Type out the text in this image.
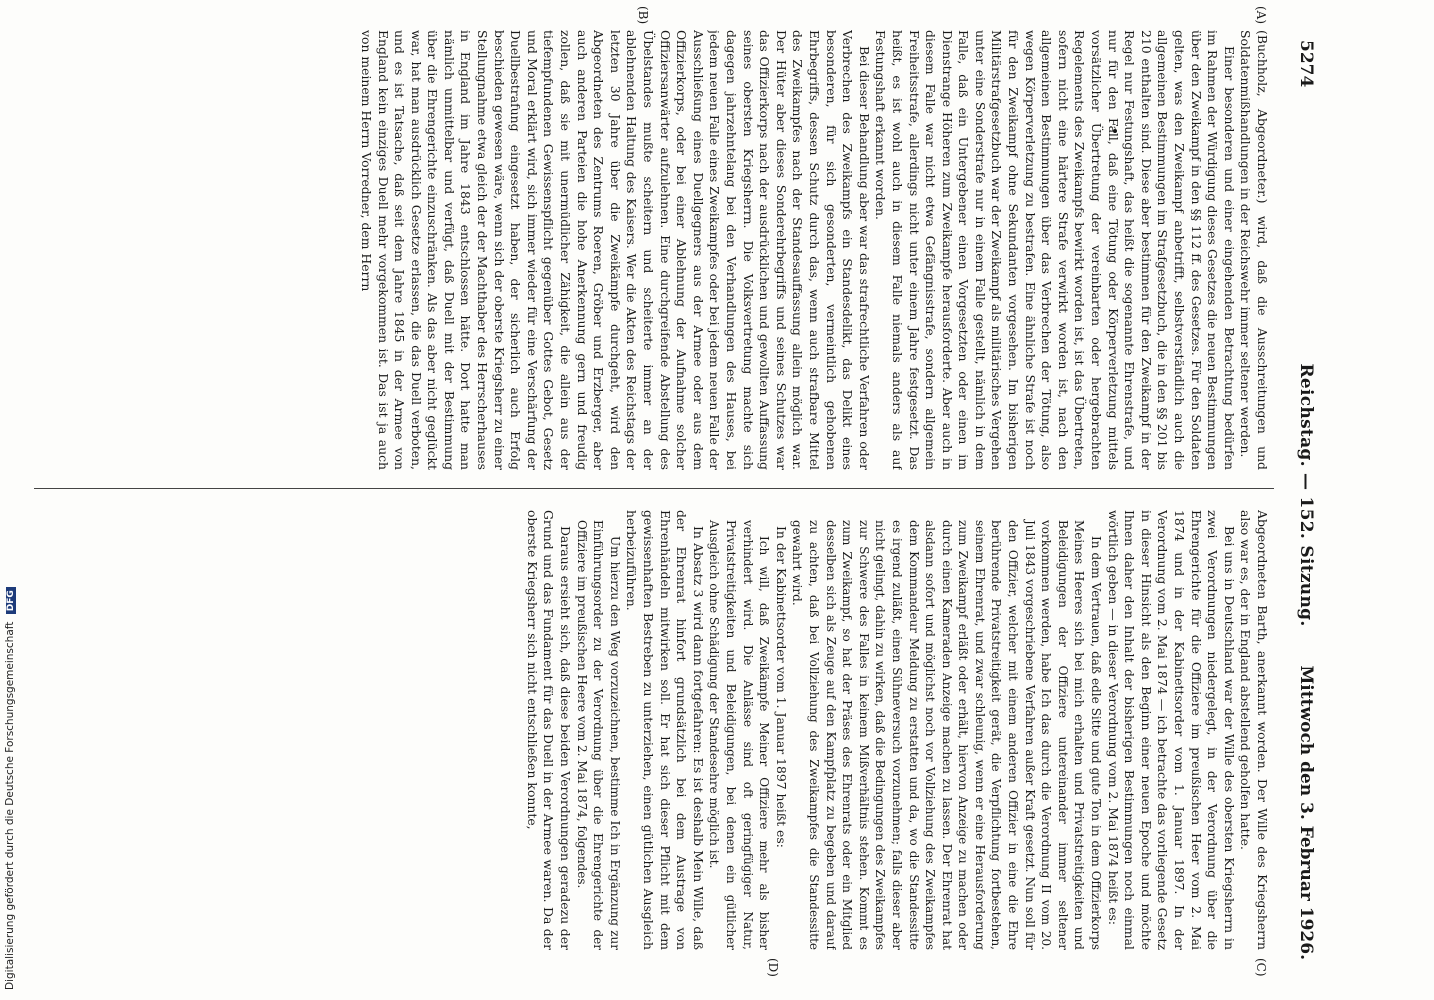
5274
Reichstag. — 152. Sitzung.
Mittwoch den 3. Februar 1926.
(A)
(B)
(C)
(D)

(Buchholz, Abgeordneter.) wird, daß die Ausschreitungen und Soldatenmißhandlungen in der Reichswehr immer seltener werden.

Einer besonderen und einer eingehenden Betrachtung bedürfen im Rahmen der Würdigung dieses Gesetzes die neuen Bestimmungen über den Zweikampf in den §§ 112 ff. des Gesetzes. Für den Soldaten gelten, was den Zweikampf anbetrifft, selbstverständlich auch die allgemeinen Bestimmungen im Strafgesetzbuch, die in den §§ 201 bis 210 enthalten sind. Diese aber bestimmen für den Zweikampf in der Regel nur Festungshaft, das heißt die sogenannte Ehrenstrafe, und nur für den Fall, daß eine Tötung oder Körperverletzung mittels vorsätzlicher Übertretung der vereinbarten oder hergebrachten Regelements des Zweikampfs bewirkt worden ist, ist das Übertreten, sofern nicht eine härtere Strafe verwirkt worden ist, nach den allgemeinen Bestimmungen über das Verbrechen der Tötung, also wegen Körperverletzung zu bestrafen. Eine ähnliche Strafe ist noch für den Zweikampf ohne Sekundanten vorgesehen. Im bisherigen Militärstrafgesetzbuch war der Zweikampf als militärisches Vergehen unter eine Sonderstrafe nur in einem Falle gestellt, nämlich in dem Falle, daß ein Untergebener einen Vorgesetzten oder einen im Dienstrange Höheren zum Zweikampfe herausforderte. Aber auch in diesem Falle war nicht etwa Gefängnisstrafe, sondern allgemein Freiheitsstrafe, allerdings nicht unter einem Jahre festgesetzt. Das heißt, es ist wohl auch in diesem Falle niemals anders als auf Festungshaft erkannt worden.

Bei dieser Behandlung aber war das strafrechtliche Verfahren oder Verbrechen des Zweikampfs ein Standesdelikt, das Delikt eines besonderen, für sich gesonderten, vermeintlich gehobenen Ehrbegriffs, dessen Schutz durch das, wenn auch strafbare Mittel des Zweikampfes nach der Standesauffassung allein möglich war. Der Hüter aber dieses Sonderehrbegriffs und seines Schutzes war das Offizierkorps nach der ausdrücklichen und gewollten Auffassung seines obersten Kriegsherrn. Die Volksvertretung machte sich dagegen jahrzehntelang bei den Verhandlungen des Hauses, bei jedem neuen Falle eines Zweikampfes oder bei jedem neuen Falle der Ausschließung eines Duellgegners aus der Armee oder aus dem Offizierkorps, oder bei einer Ablehnung der Aufnahme solcher Offiziersanwärter aufzulehnen. Eine durchgreifende Abstellung des Übelstandes mußte scheitern und scheiterte immer an der ablehnenden Haltung des Kaisers. Wer die Akten des Reichstags der letzten 30 Jahre über die Zweikämpfe durchgeht, wird den Abgeordneten des Zentrums Roeren, Gröber und Erzberger, aber auch anderen Parteien die hohe Anerkennung gern und freudig zollen, daß sie mit unermüdlicher Zähigkeit, die allein aus der tiefempfundenen Gewissenspflicht gegenüber Gottes Gebot, Gesetz und Moral erklärt wird, sich immer wieder für eine Verschärfung der Duellbestrafung eingesetzt haben, der sicherlich auch Erfolg beschieden gewesen wäre, wenn sich der oberste Kriegsherr zu einer Stellungnahme etwa gleich der der Machthaber des Herrscherhauses in England im Jahre 1843 entschlossen hätte. Dort hatte man nämlich unmittelbar und verfügt, daß Duell mit der Bestimmung über die Ehrengerichte einzuschränken. Als das aber nicht geglückt war, hat man ausdrücklich Gesetze erlassen, die das Duell verboten, und es ist Tatsache, daß seit dem Jahre 1845 in der Armee von England kein einziges Duell mehr vorgekommen ist. Das ist ja auch von meinem Herrn Vorredner, dem Herrn

Abgeordneten Barth, anerkannt worden. Der Wille des Kriegsherrn also war es, der in England abstellend geholfen hatte.

Bei uns in Deutschland war der Wille des obersten Kriegsherrn in zwei Verordnungen niedergelegt, in der Verordnung über die Ehrengerichte für die Offiziere im preußischen Heer vom 2. Mai 1874 und in der Kabinettsorder vom 1. Januar 1897. In der Verordnung vom 2. Mai 1874 — ich betrachte das vorliegende Gesetz in dieser Hinsicht als den Beginn einer neuen Epoche und möchte Ihnen daher den Inhalt der bisherigen Bestimmungen noch einmal wörtlich geben — in dieser Verordnung vom 2. Mai 1874 heißt es:

In dem Vertrauen, daß edle Sitte und gute Ton in dem Offizierkorps Meines Heeres sich bei mich erhalten und Privatstreitigkeiten und Beleidigungen der Offiziere untereinander immer seltener vorkommen werden, habe Ich das durch die Verordnung II vom 20. Juli 1843 vorgeschriebene Verfahren außer Kraft gesetzt. Nun soll für den Offizier, welcher mit einem anderen Offizier in eine die Ehre berührende Privatstreitigkeit gerät, die Verpflichtung fortbestehen, seinem Ehrenrat, und zwar schleunig, wenn er eine Herausforderung zum Zweikampf erläßt oder erhält, hiervon Anzeige zu machen oder durch einen Kameraden Anzeige machen zu lassen. Der Ehrenrat hat alsdann sofort und möglichst noch vor Vollziehung des Zweikampfes dem Kommandeur Meldung zu erstatten und da, wo die Standessitte es irgend zuläßt, einen Sühneversuch vorzunehmen; falls dieser aber nicht gelingt, dahin zu wirken, daß die Bedingungen des Zweikampfes zur Schwere des Falles in keinem Mißverhältnis stehen. Kommt es zum Zweikampf, so hat der Präses des Ehrenrats oder ein Mitglied desselben sich als Zeuge auf den Kampfplatz zu begeben und darauf zu achten, daß bei Vollziehung des Zweikampfes die Standessitte gewahrt wird.

In der Kabinettsorder vom 1. Januar 1897 heißt es:

Ich will, daß Zweikämpfe Meiner Offiziere mehr als bisher verhindert wird. Die Anlässe sind oft geringfügiger Natur, Privatstreitigkeiten und Beleidigungen, bei denen ein gütlicher Ausgleich ohne Schädigung der Standesehre möglich ist.

In Absatz 3 wird dann fortgefahren: Es ist deshalb Mein Wille, daß der Ehrenrat hinfort grundsätzlich bei dem Austrage von Ehrenhändeln mitwirken soll. Er hat sich dieser Pflicht mit dem gewissenhaften Bestreben zu unterziehen, einen gütlichen Ausgleich herbeizuführen.

Um hierzu den Weg vorzuzeichnen, bestimme Ich in Ergänzung zur Einführungsorder zu der Verordnung über die Ehrengerichte der Offiziere im preußischen Heere vom 2. Mai 1874, folgendes.

Daraus ersieht sich, daß diese beiden Verordnungen geradezu der Grund und das Fundament für das Duell in der Armee waren. Da der oberste Kriegsherr sich nicht entschließen konnte,

Digitalisierung gefördert durch die Deutsche Forschungsgemeinschaft DFG
